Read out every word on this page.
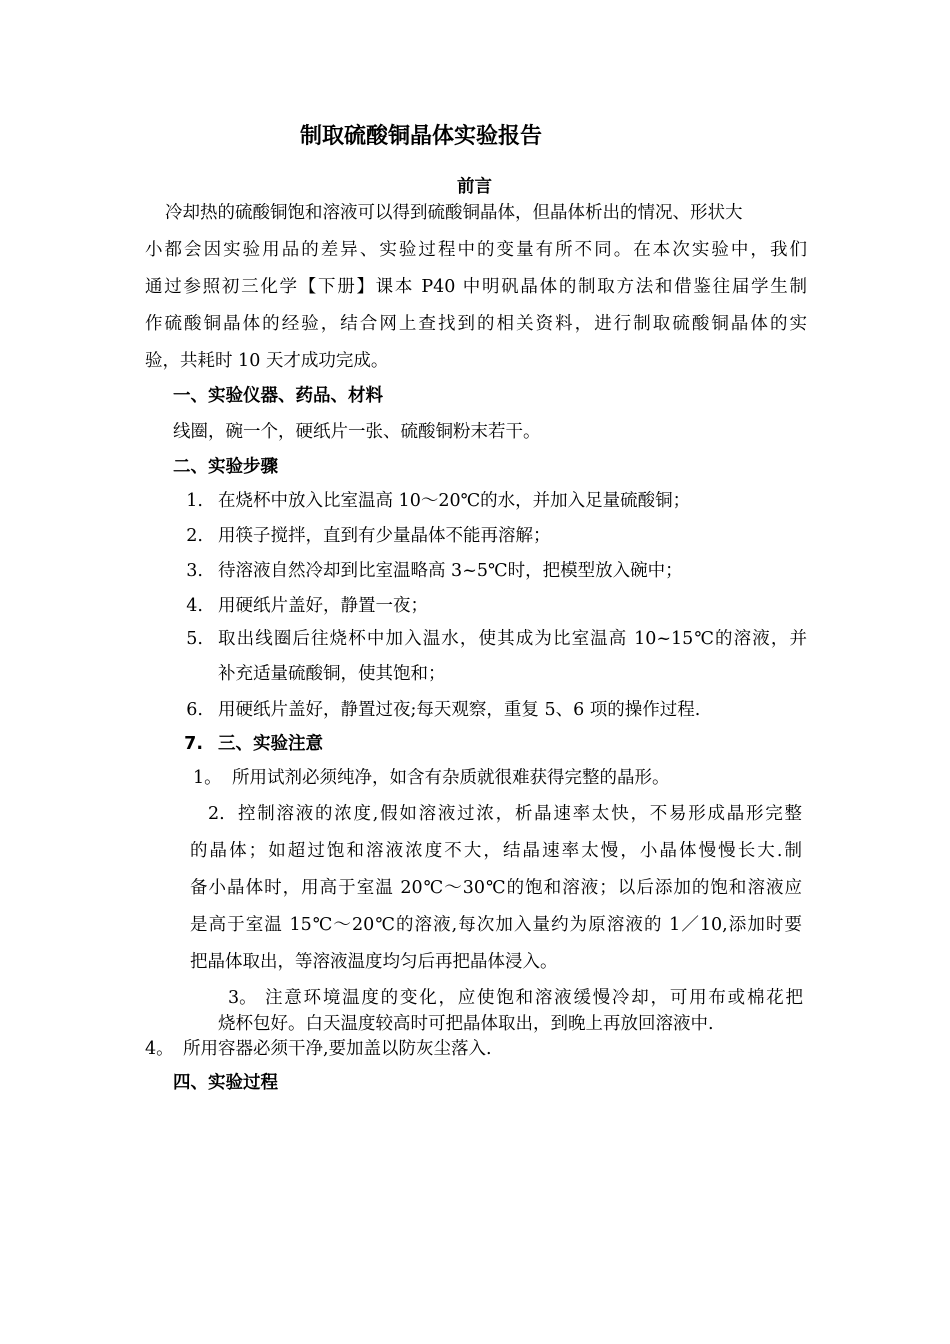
制取硫酸铜晶体实验报告

前言

冷却热的硫酸铜饱和溶液可以得到硫酸铜晶体，但晶体析出的情况、形状大

小都会因实验用品的差异、实验过程中的变量有所不同。在本次实验中，我们

通过参照初三化学【下册】课本 P40 中明矾晶体的制取方法和借鉴往届学生制

作硫酸铜晶体的经验，结合网上查找到的相关资料，进行制取硫酸铜晶体的实

验，共耗时 10 天才成功完成。

一、实验仪器、药品、材料

线圈，碗一个，硬纸片一张、硫酸铜粉末若干。

二、实验步骤
1. 在烧杯中放入比室温高 10～20℃的水，并加入足量硫酸铜；

2. 用筷子搅拌，直到有少量晶体不能再溶解；

3. 待溶液自然冷却到比室温略高 3~5℃时，把模型放入碗中；

4. 用硬纸片盖好，静置一夜；

5. 取出线圈后往烧杯中加入温水，使其成为比室温高 10~15℃的溶液，并

补充适量硫酸铜，使其饱和；

6. 用硬纸片盖好，静置过夜;每天观察，重复 5、6 项的操作过程.

7. 三、实验注意
1。 所用试剂必须纯净，如含有杂质就很难获得完整的晶形。

2. 控制溶液的浓度,假如溶液过浓，析晶速率太快，不易形成晶形完整

的晶体；如超过饱和溶液浓度不大，结晶速率太慢，小晶体慢慢长大.制

备小晶体时，用高于室温 20℃～30℃的饱和溶液；以后添加的饱和溶液应

是高于室温 15℃～20℃的溶液,每次加入量约为原溶液的 1／10,添加时要

把晶体取出，等溶液温度均匀后再把晶体浸入。

3。 注意环境温度的变化，应使饱和溶液缓慢冷却，可用布或棉花把

烧杯包好。白天温度较高时可把晶体取出，到晚上再放回溶液中.

4。 所用容器必须干净,要加盖以防灰尘落入.

四、实验过程
